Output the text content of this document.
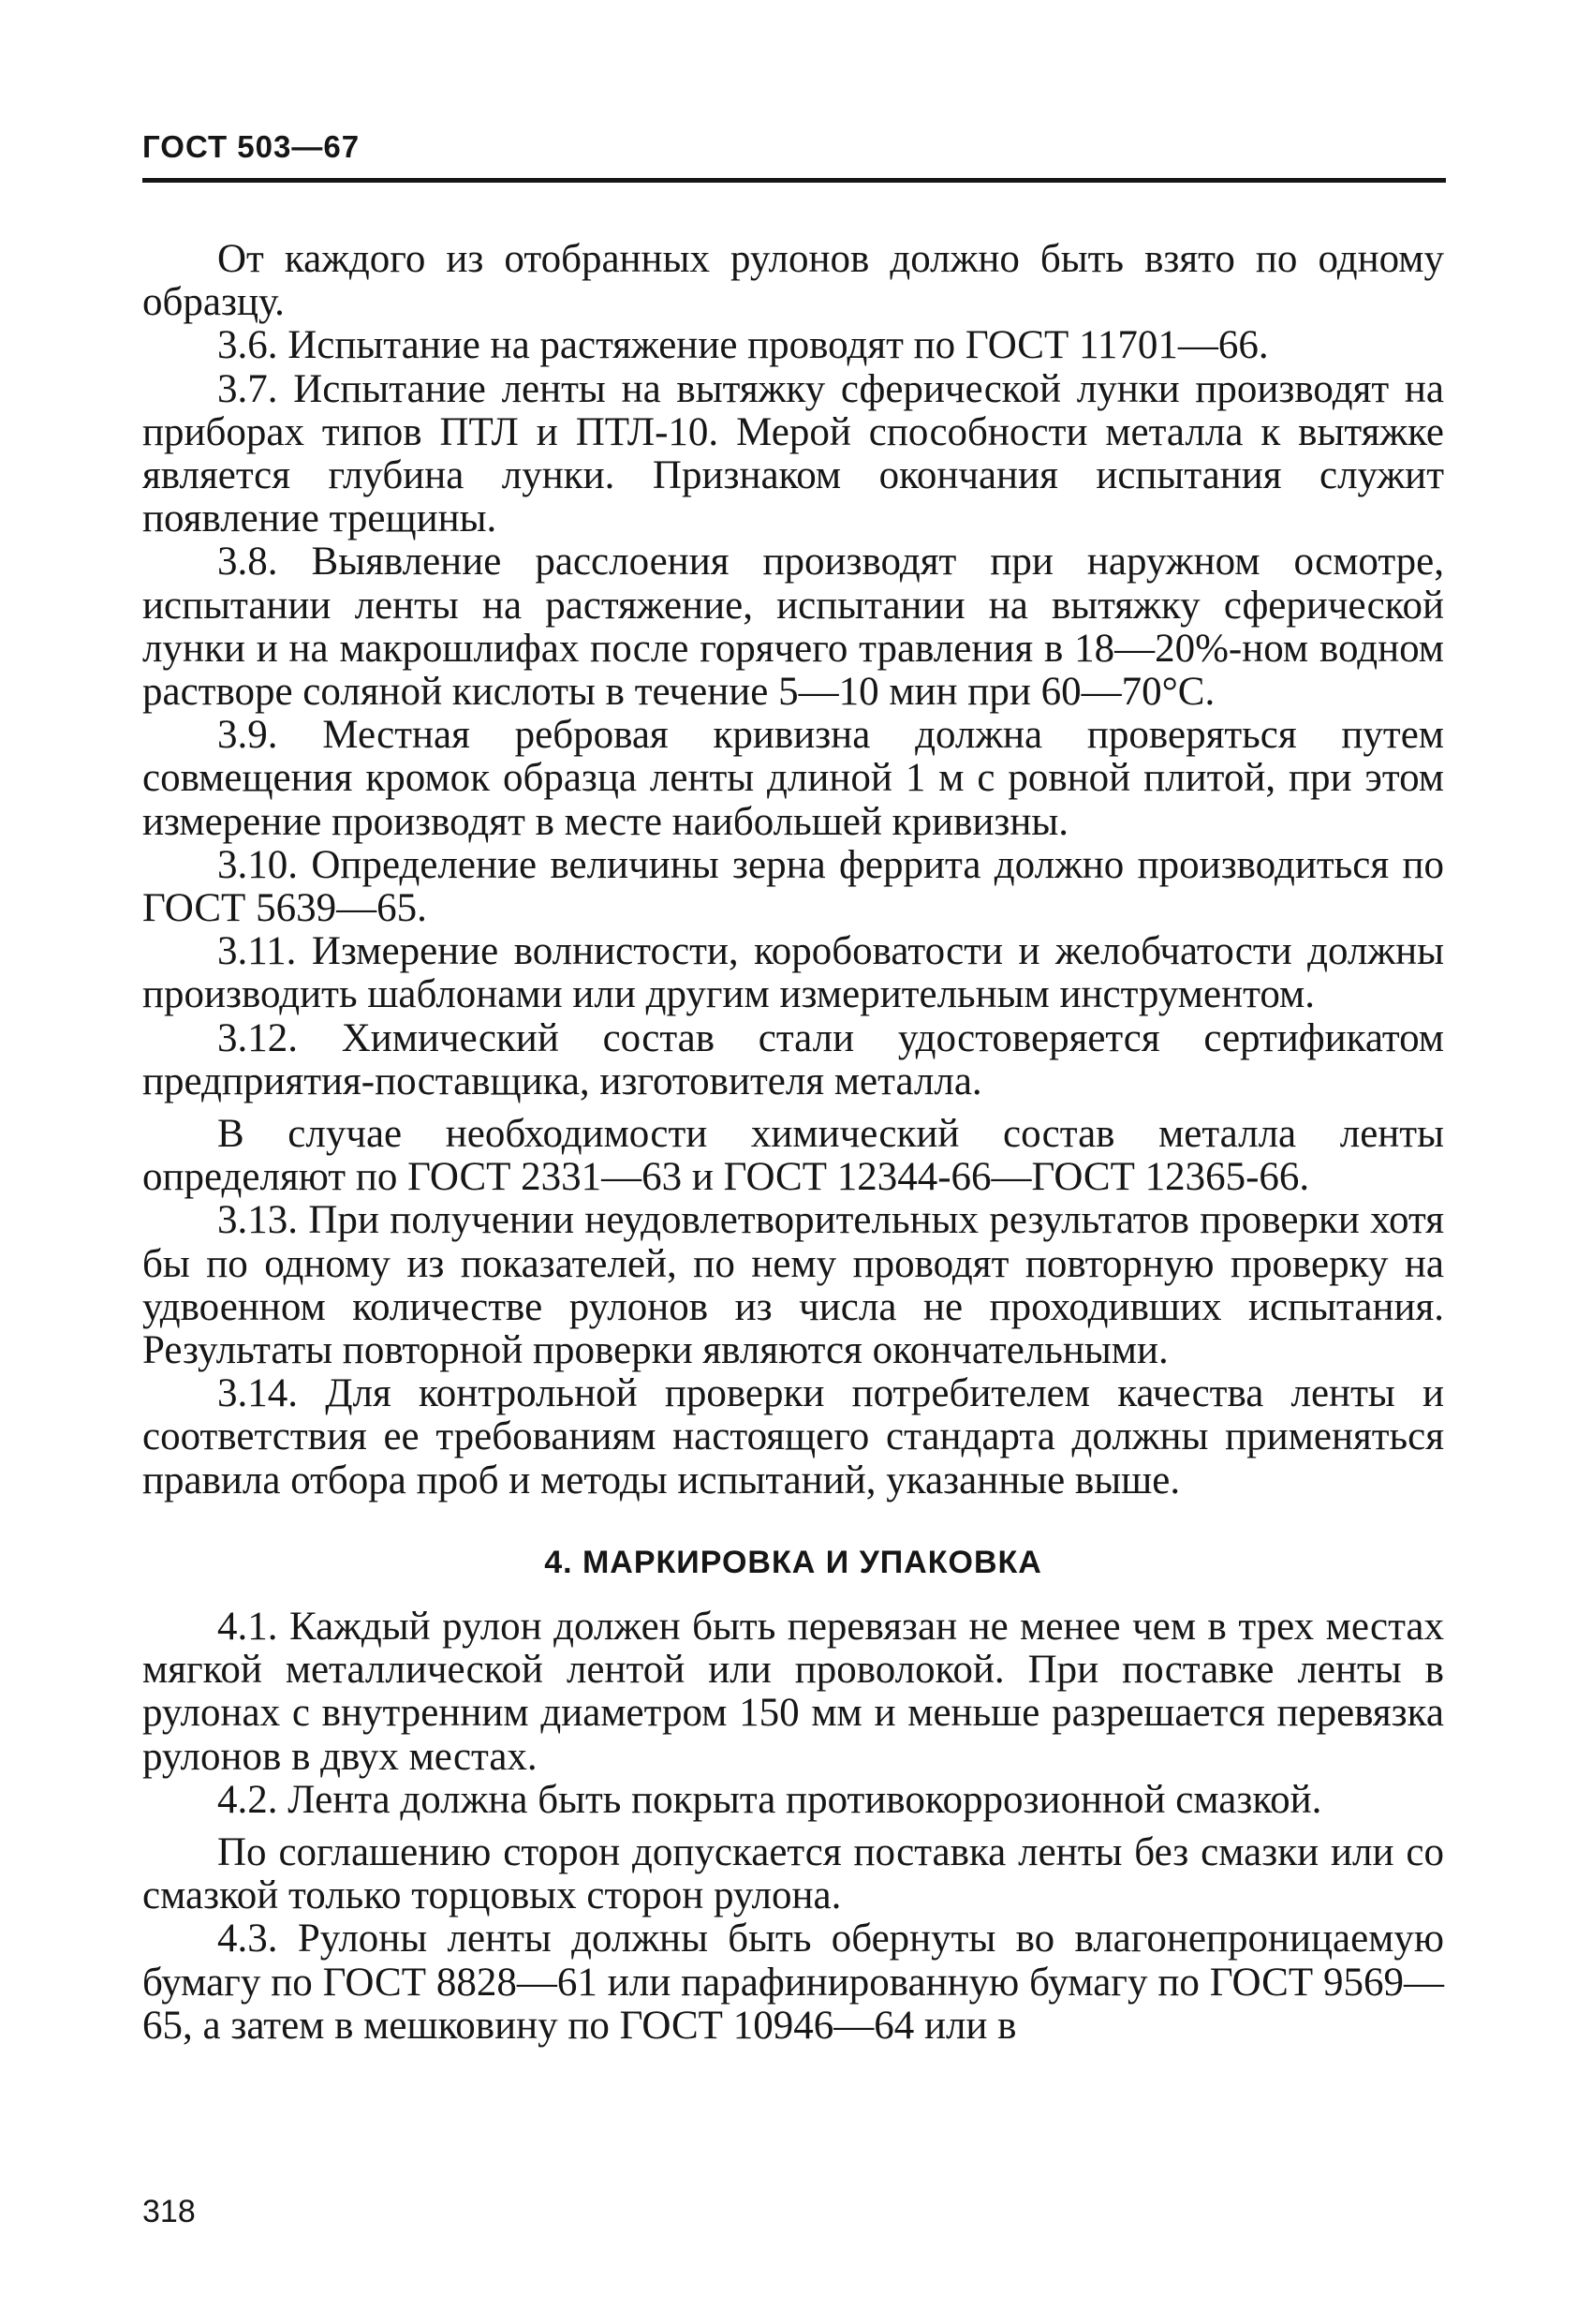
ГОСТ 503—67

От каждого из отобранных рулонов должно быть взято по одному образцу.

3.6. Испытание на растяжение проводят по ГОСТ 11701—66.

3.7. Испытание ленты на вытяжку сферической лунки производят на приборах типов ПТЛ и ПТЛ-10. Мерой способности металла к вытяжке является глубина лунки. Признаком окончания испытания служит появление трещины.

3.8. Выявление расслоения производят при наружном осмотре, испытании ленты на растяжение, испытании на вытяжку сферической лунки и на макрошлифах после горячего травления в 18—20%-ном водном растворе соляной кислоты в течение 5—10 мин при 60—70°С.

3.9. Местная ребровая кривизна должна проверяться путем совмещения кромок образца ленты длиной 1 м с ровной плитой, при этом измерение производят в месте наибольшей кривизны.

3.10. Определение величины зерна феррита должно производиться по ГОСТ 5639—65.

3.11. Измерение волнистости, коробоватости и желобчатости должны производить шаблонами или другим измерительным инструментом.

3.12. Химический состав стали удостоверяется сертификатом предприятия-поставщика, изготовителя металла.

В случае необходимости химический состав металла ленты определяют по ГОСТ 2331—63 и ГОСТ 12344-66—ГОСТ 12365-66.

3.13. При получении неудовлетворительных результатов проверки хотя бы по одному из показателей, по нему проводят повторную проверку на удвоенном количестве рулонов из числа не проходивших испытания. Результаты повторной проверки являются окончательными.

3.14. Для контрольной проверки потребителем качества ленты и соответствия ее требованиям настоящего стандарта должны применяться правила отбора проб и методы испытаний, указанные выше.

4. МАРКИРОВКА И УПАКОВКА

4.1. Каждый рулон должен быть перевязан не менее чем в трех местах мягкой металлической лентой или проволокой. При поставке ленты в рулонах с внутренним диаметром 150 мм и меньше разрешается перевязка рулонов в двух местах.

4.2. Лента должна быть покрыта противокоррозионной смазкой.

По соглашению сторон допускается поставка ленты без смазки или со смазкой только торцовых сторон рулона.

4.3. Рулоны ленты должны быть обернуты во влагонепроницаемую бумагу по ГОСТ 8828—61 или парафинированную бумагу по ГОСТ 9569—65, а затем в мешковину по ГОСТ 10946—64 или в

318
